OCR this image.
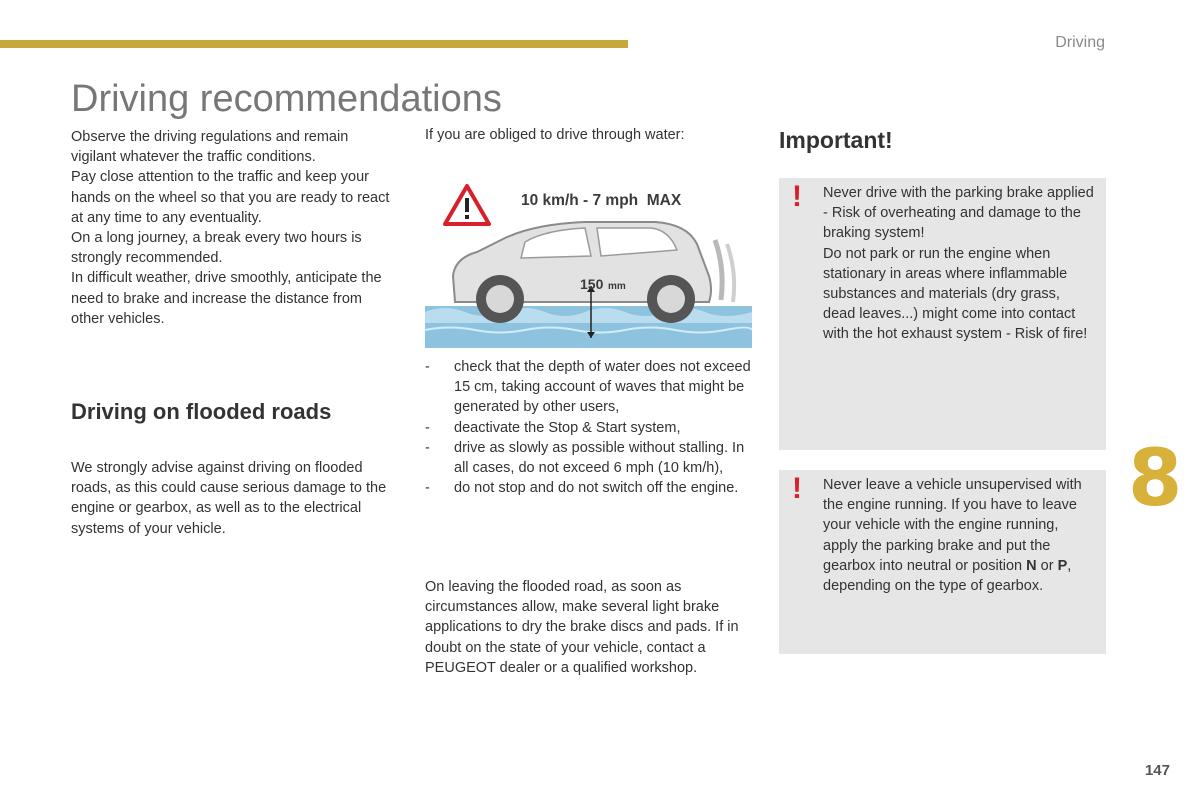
Driving
Driving recommendations

Observe the driving regulations and remain vigilant whatever the traffic conditions.

Pay close attention to the traffic and keep your hands on the wheel so that you are ready to react at any time to any eventuality.

On a long journey, a break every two hours is strongly recommended.

In difficult weather, drive smoothly, anticipate the need to brake and increase the distance from other vehicles.

Driving on flooded roads

We strongly advise against driving on flooded roads, as this could cause serious damage to the engine or gearbox, as well as to the electrical systems of your vehicle.

If you are obliged to drive through water:
10 km/h - 7 mph  MAX
150 mm
- check that the depth of water does not exceed 15 cm, taking account of waves that might be generated by other users,
- deactivate the Stop & Start system,
- drive as slowly as possible without stalling. In all cases, do not exceed 6 mph (10 km/h),
- do not stop and do not switch off the engine.

On leaving the flooded road, as soon as circumstances allow, make several light brake applications to dry the brake discs and pads. If in doubt on the state of your vehicle, contact a PEUGEOT dealer or a qualified workshop.

Important!
! Never drive with the parking brake applied - Risk of overheating and damage to the braking system!
Do not park or run the engine when stationary in areas where inflammable substances and materials (dry grass, dead leaves...) might come into contact with the hot exhaust system - Risk of fire!
! Never leave a vehicle unsupervised with the engine running. If you have to leave your vehicle with the engine running, apply the parking brake and put the gearbox into neutral or position N or P, depending on the type of gearbox.
8
147
